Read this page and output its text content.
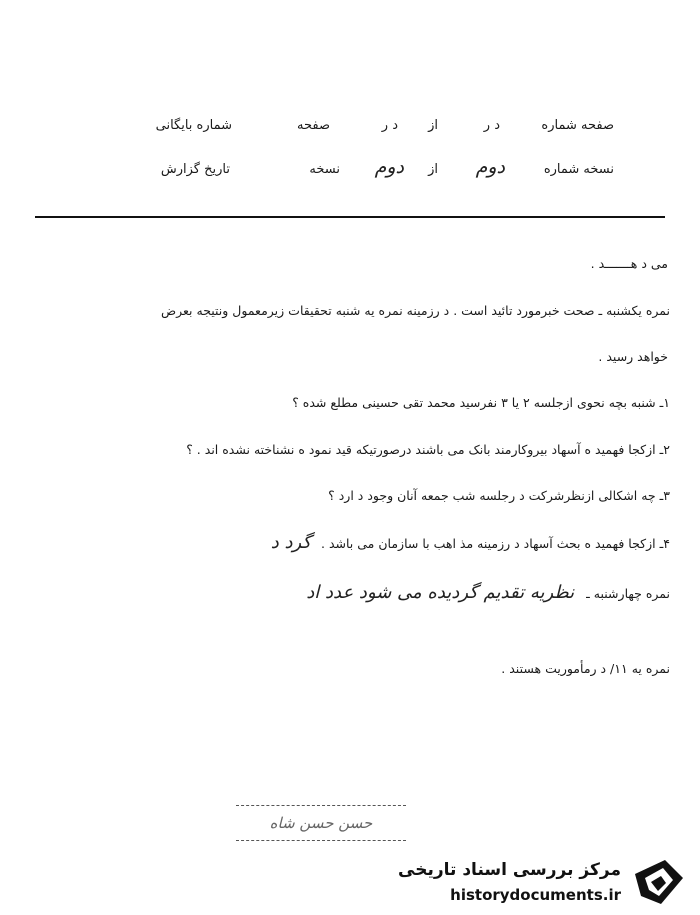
صفحه شماره
د ر
از
د ر
صفحه
شماره بایگانی
نسخه شماره
دوم
از
دوم
نسخه
تاریخ گزارش
می د هـــــــد .
نمره یکشنبه ـ صحت خبرمورد تائید است . د رزمینه نمره یه شنبه تحقیقات زیرمعمول ونتیجه بعرض
خواهد رسید .
۱ـ شنبه بچه نحوی ازجلسه ۲ یا ۳ نفرسید محمد تقی حسینی مطلع شده ؟
۲ـ ازکجا فهمید ه آسهاد بیروکارمند بانک می باشند درصورتیکه قید نمود ه نشناخته نشده اند . ؟
۳ـ چه اشکالی ازنظرشرکت د رجلسه شب جمعه آنان وجود د ارد ؟
۴ـ ازکجا فهمید ه بحث آسهاد د رزمینه مذ اهب با سازمان می باشد . گرد د
نمره چهارشنبه ـ نظریه تقدیم گردیده می شود عدد اد
نمره یه ۱۱/ د رمأموریت هستند .
حسن حسن شاه
مرکز بررسی اسناد تاریخی
historydocuments.ir
